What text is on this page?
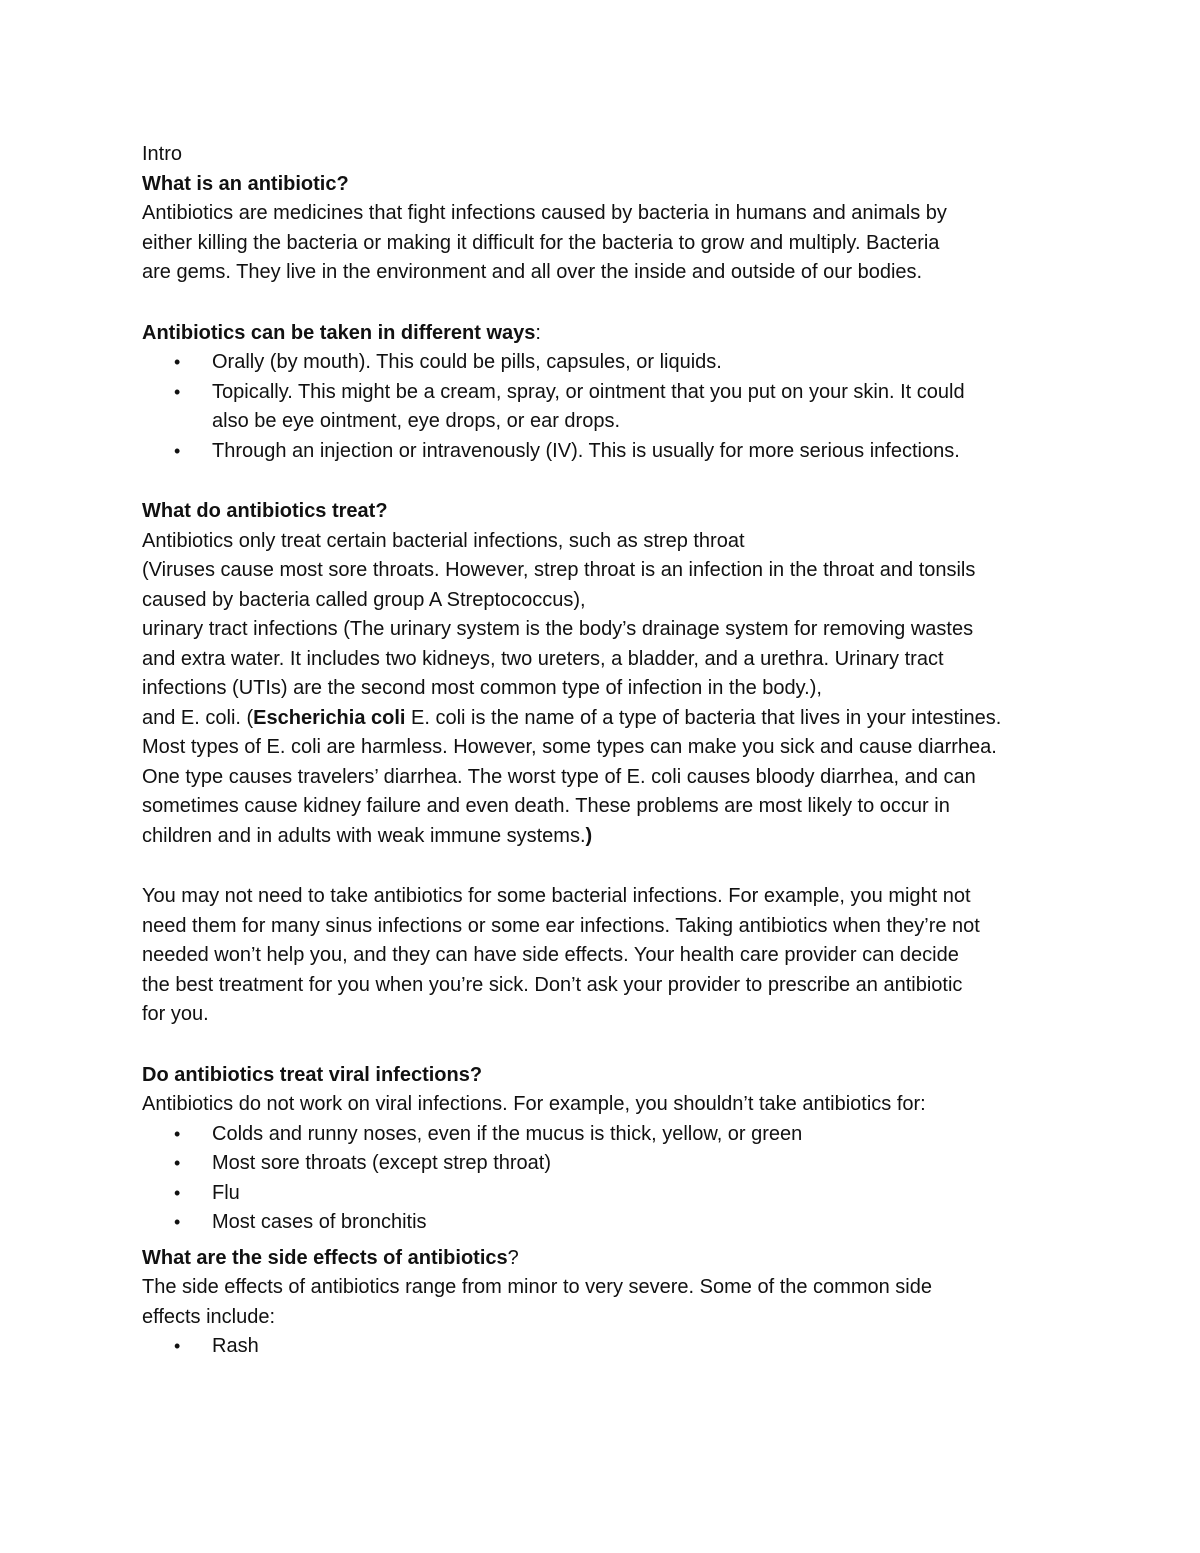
Intro
What is an antibiotic?
Antibiotics are medicines that fight infections caused by bacteria in humans and animals by
either killing the bacteria or making it difficult for the bacteria to grow and multiply. Bacteria
are gems. They live in the environment and all over the inside and outside of our bodies.
Antibiotics can be taken in different ways:
• Orally (by mouth). This could be pills, capsules, or liquids.
• Topically. This might be a cream, spray, or ointment that you put on your skin. It could
also be eye ointment, eye drops, or ear drops.
• Through an injection or intravenously (IV). This is usually for more serious infections.
What do antibiotics treat?
Antibiotics only treat certain bacterial infections, such as strep throat
(Viruses cause most sore throats. However, strep throat is an infection in the throat and tonsils
caused by bacteria called group A Streptococcus),
urinary tract infections (The urinary system is the body’s drainage system for removing wastes
and extra water. It includes two kidneys, two ureters, a bladder, and a urethra. Urinary tract
infections (UTIs) are the second most common type of infection in the body.),
and E. coli. (Escherichia coli E. coli is the name of a type of bacteria that lives in your intestines.
Most types of E. coli are harmless. However, some types can make you sick and cause diarrhea.
One type causes travelers’ diarrhea. The worst type of E. coli causes bloody diarrhea, and can
sometimes cause kidney failure and even death. These problems are most likely to occur in
children and in adults with weak immune systems.)
You may not need to take antibiotics for some bacterial infections. For example, you might not
need them for many sinus infections or some ear infections. Taking antibiotics when they’re not
needed won’t help you, and they can have side effects. Your health care provider can decide
the best treatment for you when you’re sick. Don’t ask your provider to prescribe an antibiotic
for you.
Do antibiotics treat viral infections?
Antibiotics do not work on viral infections. For example, you shouldn’t take antibiotics for:
• Colds and runny noses, even if the mucus is thick, yellow, or green
• Most sore throats (except strep throat)
• Flu
• Most cases of bronchitis
What are the side effects of antibiotics?
The side effects of antibiotics range from minor to very severe. Some of the common side
effects include:
• Rash
